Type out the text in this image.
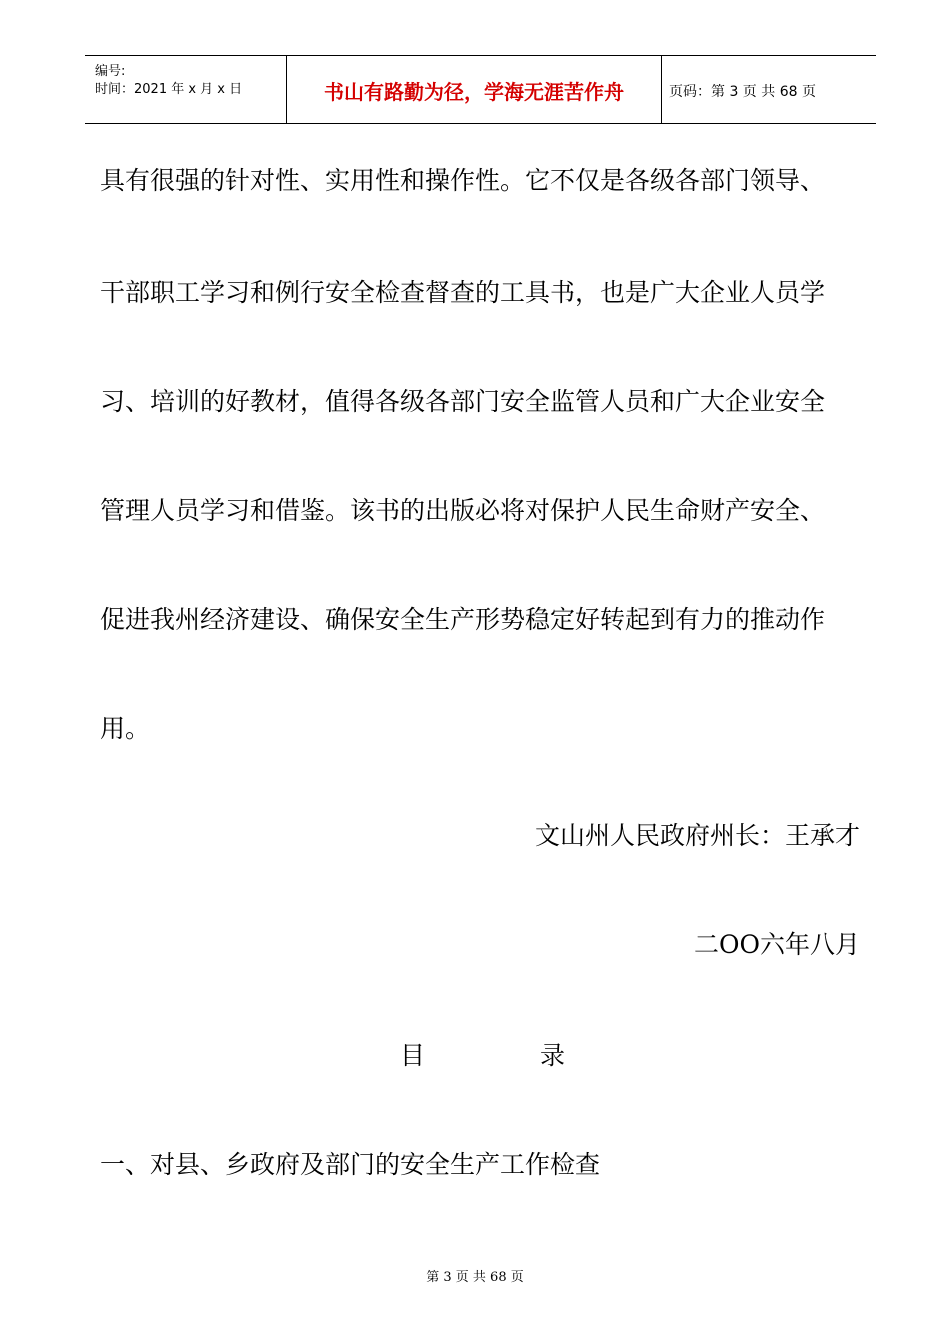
编号:
时间：2021 年 x 月 x 日	书山有路勤为径，学海无涯苦作舟	页码：第 3 页 共 68 页
具有很强的针对性、实用性和操作性。它不仅是各级各部门领导、
干部职工学习和例行安全检查督查的工具书，也是广大企业人员学
习、培训的好教材，值得各级各部门安全监管人员和广大企业安全
管理人员学习和借鉴。该书的出版必将对保护人民生命财产安全、
促进我州经济建设、确保安全生产形势稳定好转起到有力的推动作
用。
文山州人民政府州长：王承才
二OO六年八月
目	录
一、对县、乡政府及部门的安全生产工作检查
第 3 页 共 68 页
